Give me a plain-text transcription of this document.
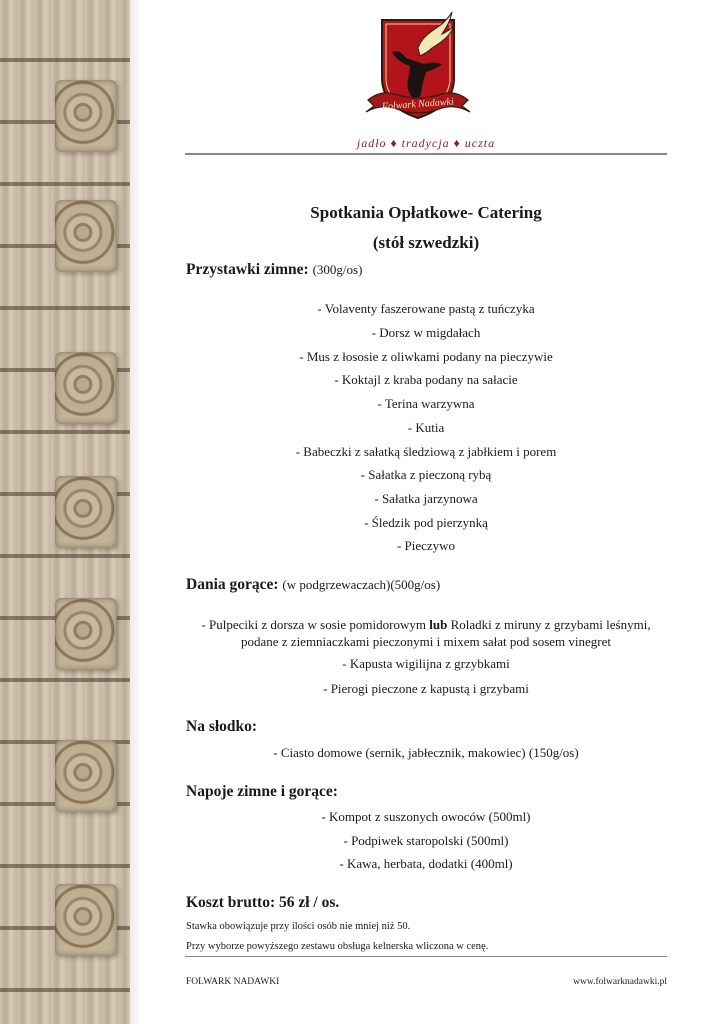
Folwark Nadawki
jadło ♦ tradycja ♦ uczta
Spotkania Opłatkowe- Catering
(stół szwedzki)
Przystawki zimne: (300g/os)
- Volaventy faszerowane pastą z tuńczyka
- Dorsz w migdałach
- Mus z łososie z oliwkami podany na pieczywie
- Koktajl z kraba podany na sałacie
- Terina warzywna
- Kutia
- Babeczki z sałatką śledziową z jabłkiem i porem
- Sałatka z pieczoną rybą
- Sałatka jarzynowa
- Śledzik pod pierzynką
- Pieczywo
Dania gorące: (w podgrzewaczach)(500g/os)
- Pulpeciki z dorsza w sosie pomidorowym lub Roladki z miruny z grzybami leśnymi, podane z ziemniaczkami pieczonymi i mixem sałat pod sosem vinegret
- Kapusta wigilijna z grzybkami
- Pierogi pieczone z kapustą i grzybami
Na słodko:
- Ciasto domowe (sernik, jabłecznik, makowiec) (150g/os)
Napoje zimne i gorące:
- Kompot z suszonych owoców (500ml)
- Podpiwek staropolski (500ml)
- Kawa, herbata, dodatki (400ml)
Koszt brutto: 56 zł / os.
Stawka obowiązuje przy ilości osób nie mniej niż 50.
Przy wyborze powyższego zestawu obsługa kelnerska wliczona w cenę.
FOLWARK NADAWKI	www.folwarknadawki.pl
